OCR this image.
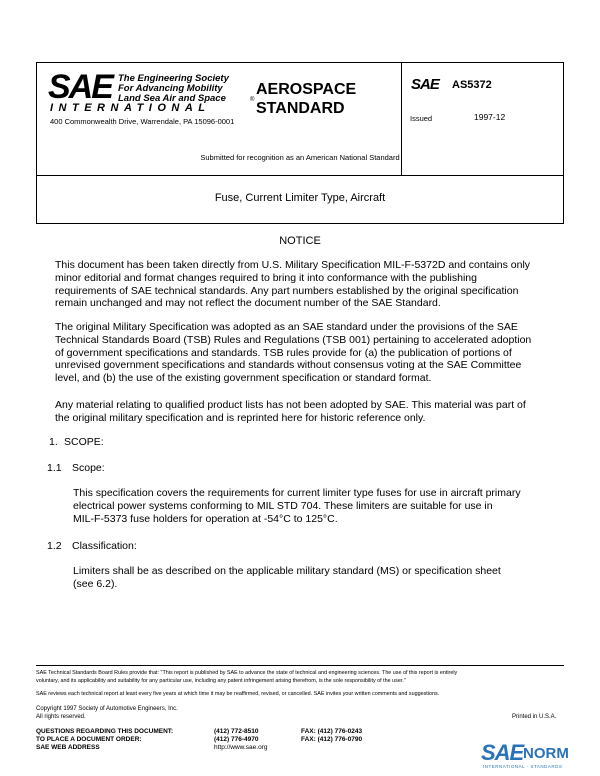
SAE The Engineering Society
For Advancing Mobility
Land Sea Air and Space
INTERNATIONAL
®
400 Commonwealth Drive, Warrendale, PA 15096-0001
AEROSPACE
STANDARD
SAE AS5372
Issued	1997-12
Submitted for recognition as an American National Standard
Fuse, Current Limiter Type, Aircraft
NOTICE
This document has been taken directly from U.S. Military Specification MIL-F-5372D and contains only
minor editorial and format changes required to bring it into conformance with the publishing
requirements of SAE technical standards. Any part numbers established by the original specification
remain unchanged and may not reflect the document number of the SAE Standard.
The original Military Specification was adopted as an SAE standard under the provisions of the SAE
Technical Standards Board (TSB) Rules and Regulations (TSB 001) pertaining to accelerated adoption
of government specifications and standards. TSB rules provide for (a) the publication of portions of
unrevised government specifications and standards without consensus voting at the SAE Committee
level, and (b) the use of the existing government specification or standard format.
Any material relating to qualified product lists has not been adopted by SAE. This material was part of
the original military specification and is reprinted here for historic reference only.
1. SCOPE:
1.1 Scope:
This specification covers the requirements for current limiter type fuses for use in aircraft primary
electrical power systems conforming to MIL STD 704. These limiters are suitable for use in
MIL-F-5373 fuse holders for operation at -54°C to 125°C.
1.2 Classification:
Limiters shall be as described on the applicable military standard (MS) or specification sheet
(see 6.2).
SAE Technical Standards Board Rules provide that: "This report is published by SAE to advance the state of technical and engineering sciences. The use of this report is entirely
voluntary, and its applicability and suitability for any particular use, including any patent infringement arising therefrom, is the sole responsibility of the user."
SAE reviews each technical report at least every five years at which time it may be reaffirmed, revised, or cancelled. SAE invites your written comments and suggestions.
Copyright 1997 Society of Automotive Engineers, Inc.
All rights reserved.	Printed in U.S.A.
QUESTIONS REGARDING THIS DOCUMENT:	(412) 772-8510	FAX: (412) 776-0243
TO PLACE A DOCUMENT ORDER:	(412) 776-4970	FAX: (412) 776-0790
SAE WEB ADDRESS	http://www.sae.org	SAE NORM
INTERNATIONAL · STANDARDS
